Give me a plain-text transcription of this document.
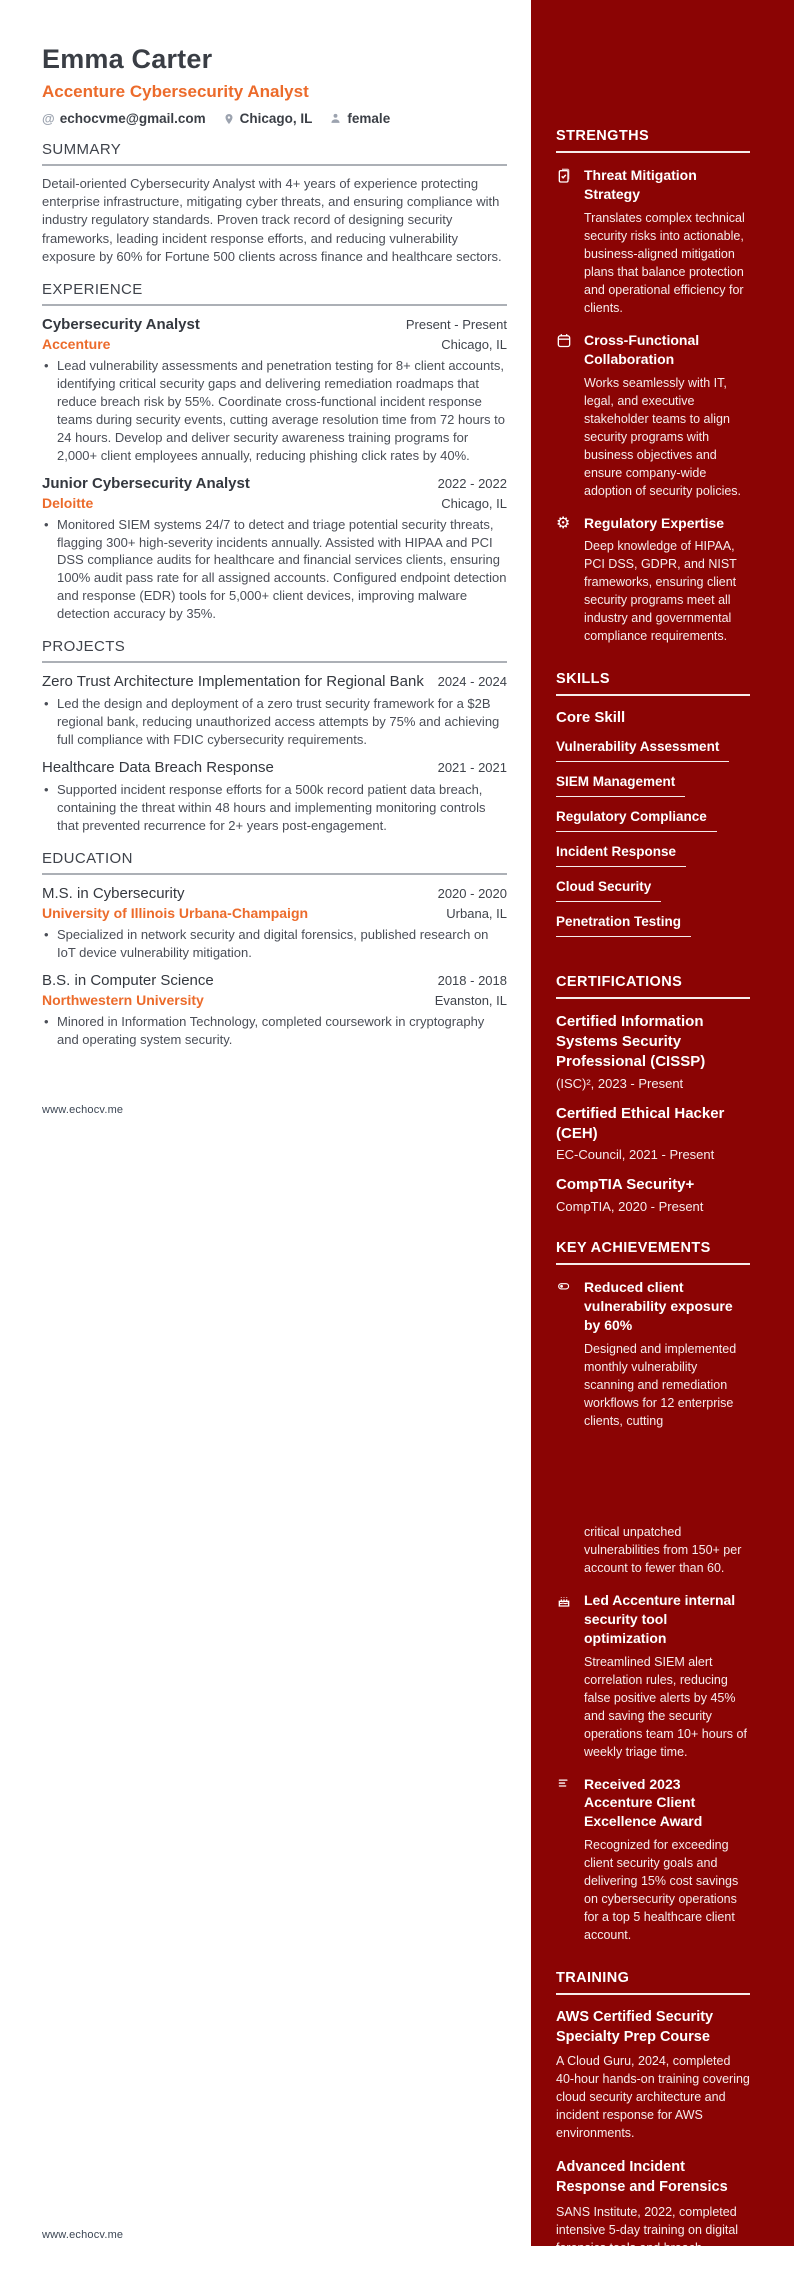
Emma Carter
Accenture Cybersecurity Analyst
@ echocvme@gmail.com	Chicago, IL	female
SUMMARY
Detail-oriented Cybersecurity Analyst with 4+ years of experience protecting enterprise infrastructure, mitigating cyber threats, and ensuring compliance with industry regulatory standards. Proven track record of designing security frameworks, leading incident response efforts, and reducing vulnerability exposure by 60% for Fortune 500 clients across finance and healthcare sectors.
EXPERIENCE
Cybersecurity Analyst	Present - Present
Accenture	Chicago, IL
• Lead vulnerability assessments and penetration testing for 8+ client accounts, identifying critical security gaps and delivering remediation roadmaps that reduce breach risk by 55%. Coordinate cross-functional incident response teams during security events, cutting average resolution time from 72 hours to 24 hours. Develop and deliver security awareness training programs for 2,000+ client employees annually, reducing phishing click rates by 40%.
Junior Cybersecurity Analyst	2022 - 2022
Deloitte	Chicago, IL
• Monitored SIEM systems 24/7 to detect and triage potential security threats, flagging 300+ high-severity incidents annually. Assisted with HIPAA and PCI DSS compliance audits for healthcare and financial services clients, ensuring 100% audit pass rate for all assigned accounts. Configured endpoint detection and response (EDR) tools for 5,000+ client devices, improving malware detection accuracy by 35%.
PROJECTS
Zero Trust Architecture Implementation for Regional Bank 2024 - 2024
• Led the design and deployment of a zero trust security framework for a $2B regional bank, reducing unauthorized access attempts by 75% and achieving full compliance with FDIC cybersecurity requirements.
Healthcare Data Breach Response	2021 - 2021
• Supported incident response efforts for a 500k record patient data breach, containing the threat within 48 hours and implementing monitoring controls that prevented recurrence for 2+ years post-engagement.
EDUCATION
M.S. in Cybersecurity	2020 - 2020
University of Illinois Urbana-Champaign	Urbana, IL
• Specialized in network security and digital forensics, published research on IoT device vulnerability mitigation.
B.S. in Computer Science	2018 - 2018
Northwestern University	Evanston, IL
• Minored in Information Technology, completed coursework in cryptography and operating system security.
STRENGTHS
Threat Mitigation Strategy
Translates complex technical security risks into actionable, business-aligned mitigation plans that balance protection and operational efficiency for clients.
Cross-Functional Collaboration
Works seamlessly with IT, legal, and executive stakeholder teams to align security programs with business objectives and ensure company-wide adoption of security policies.
⚙ Regulatory Expertise
Deep knowledge of HIPAA, PCI DSS, GDPR, and NIST frameworks, ensuring client security programs meet all industry and governmental compliance requirements.
SKILLS
Core Skill
Vulnerability Assessment SIEM Management Regulatory Compliance Incident Response Cloud Security Penetration Testing
CERTIFICATIONS
Certified Information Systems Security Professional (CISSP)
(ISC)², 2023 - Present
Certified Ethical Hacker (CEH)
EC-Council, 2021 - Present
CompTIA Security+
CompTIA, 2020 - Present
KEY ACHIEVEMENTS
Reduced client vulnerability exposure by 60%
Designed and implemented monthly vulnerability scanning and remediation workflows for 12 enterprise clients, cutting
critical unpatched vulnerabilities from 150+ per account to fewer than 60.
Led Accenture internal security tool optimization
Streamlined SIEM alert correlation rules, reducing false positive alerts by 45% and saving the security operations team 10+ hours of weekly triage time.
Received 2023 Accenture Client Excellence Award
Recognized for exceeding client security goals and delivering 15% cost savings on cybersecurity operations for a top 5 healthcare client account.
TRAINING
AWS Certified Security Specialty Prep Course
A Cloud Guru, 2024, completed 40-hour hands-on training covering cloud security architecture and incident response for AWS environments.
Advanced Incident Response and Forensics
SANS Institute, 2022, completed intensive 5-day training on digital forensics tools and breach containment methodologies.
www.echocv.me
www.echocv.me
